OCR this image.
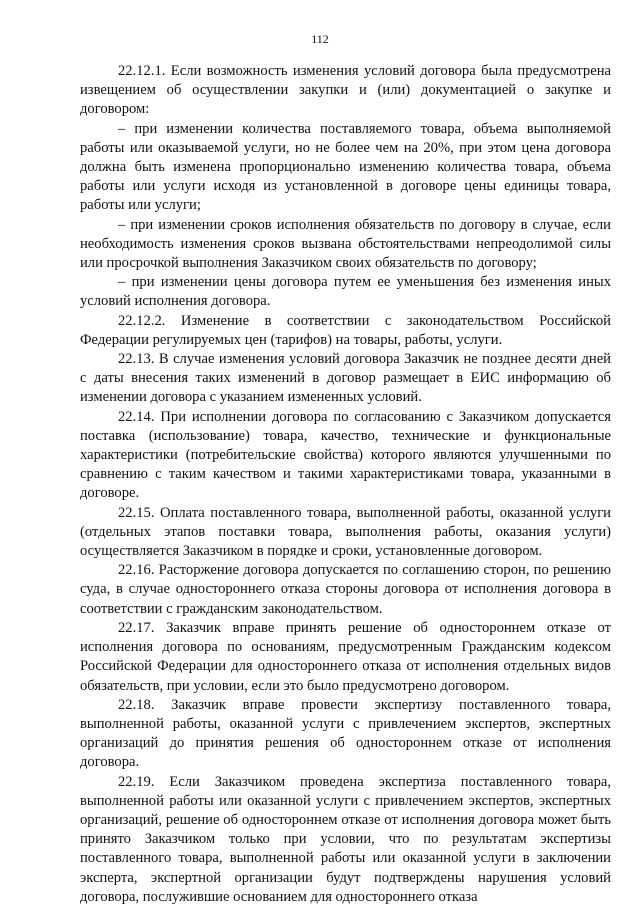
112

22.12.1. Если возможность изменения условий договора была предусмотрена извещением об осуществлении закупки и (или) документацией о закупке и договором:

– при изменении количества поставляемого товара, объема выполняемой работы или оказываемой услуги, но не более чем на 20%, при этом цена договора должна быть изменена пропорционально изменению количества товара, объема работы или услуги исходя из установленной в договоре цены единицы товара, работы или услуги;

– при изменении сроков исполнения обязательств по договору в случае, если необходимость изменения сроков вызвана обстоятельствами непреодолимой силы или просрочкой выполнения Заказчиком своих обязательств по договору;

– при изменении цены договора путем ее уменьшения без изменения иных условий исполнения договора.

22.12.2. Изменение в соответствии с законодательством Российской Федерации регулируемых цен (тарифов) на товары, работы, услуги.

22.13. В случае изменения условий договора Заказчик не позднее десяти дней с даты внесения таких изменений в договор размещает в ЕИС информацию об изменении договора с указанием измененных условий.

22.14. При исполнении договора по согласованию с Заказчиком допускается поставка (использование) товара, качество, технические и функциональные характеристики (потребительские свойства) которого являются улучшенными по сравнению с таким качеством и такими характеристиками товара, указанными в договоре.

22.15. Оплата поставленного товара, выполненной работы, оказанной услуги (отдельных этапов поставки товара, выполнения работы, оказания услуги) осуществляется Заказчиком в порядке и сроки, установленные договором.

22.16. Расторжение договора допускается по соглашению сторон, по решению суда, в случае одностороннего отказа стороны договора от исполнения договора в соответствии с гражданским законодательством.

22.17. Заказчик вправе принять решение об одностороннем отказе от исполнения договора по основаниям, предусмотренным Гражданским кодексом Российской Федерации для одностороннего отказа от исполнения отдельных видов обязательств, при условии, если это было предусмотрено договором.

22.18. Заказчик вправе провести экспертизу поставленного товара, выполненной работы, оказанной услуги с привлечением экспертов, экспертных организаций до принятия решения об одностороннем отказе от исполнения договора.

22.19. Если Заказчиком проведена экспертиза поставленного товара, выполненной работы или оказанной услуги с привлечением экспертов, экспертных организаций, решение об одностороннем отказе от исполнения договора может быть принято Заказчиком только при условии, что по результатам экспертизы поставленного товара, выполненной работы или оказанной услуги в заключении эксперта, экспертной организации будут подтверждены нарушения условий договора, послужившие основанием для одностороннего отказа
